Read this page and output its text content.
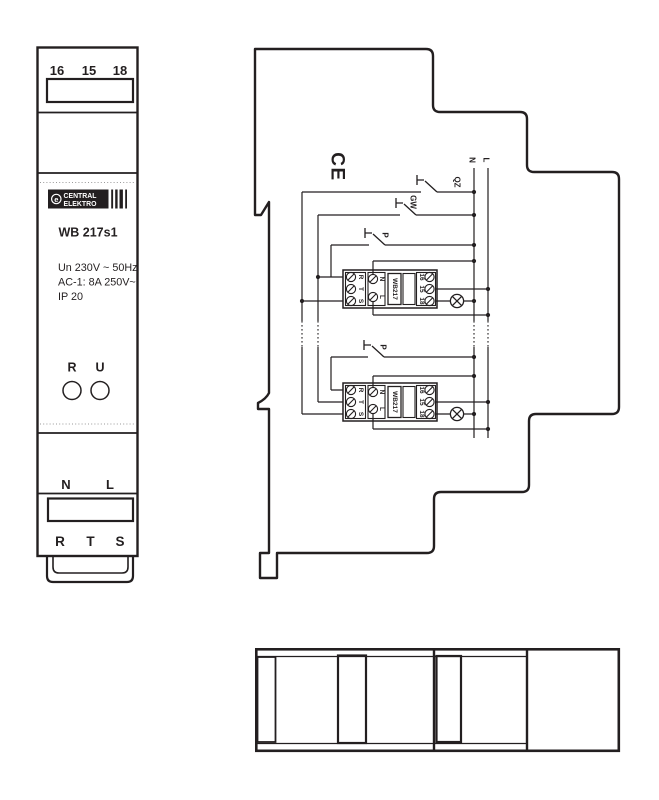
16 15 18
e CENTRAL
ELEKTRO
WB 217s1
Un 230V ~ 50Hz
AC-1: 8A 250V~
IP 20
R U
N	L
R T S
CE	N L
QZ
GW
P
P
R
T
S
N
L WB217
16
15
18
R
T
S
N
L WB217
16
15
18
